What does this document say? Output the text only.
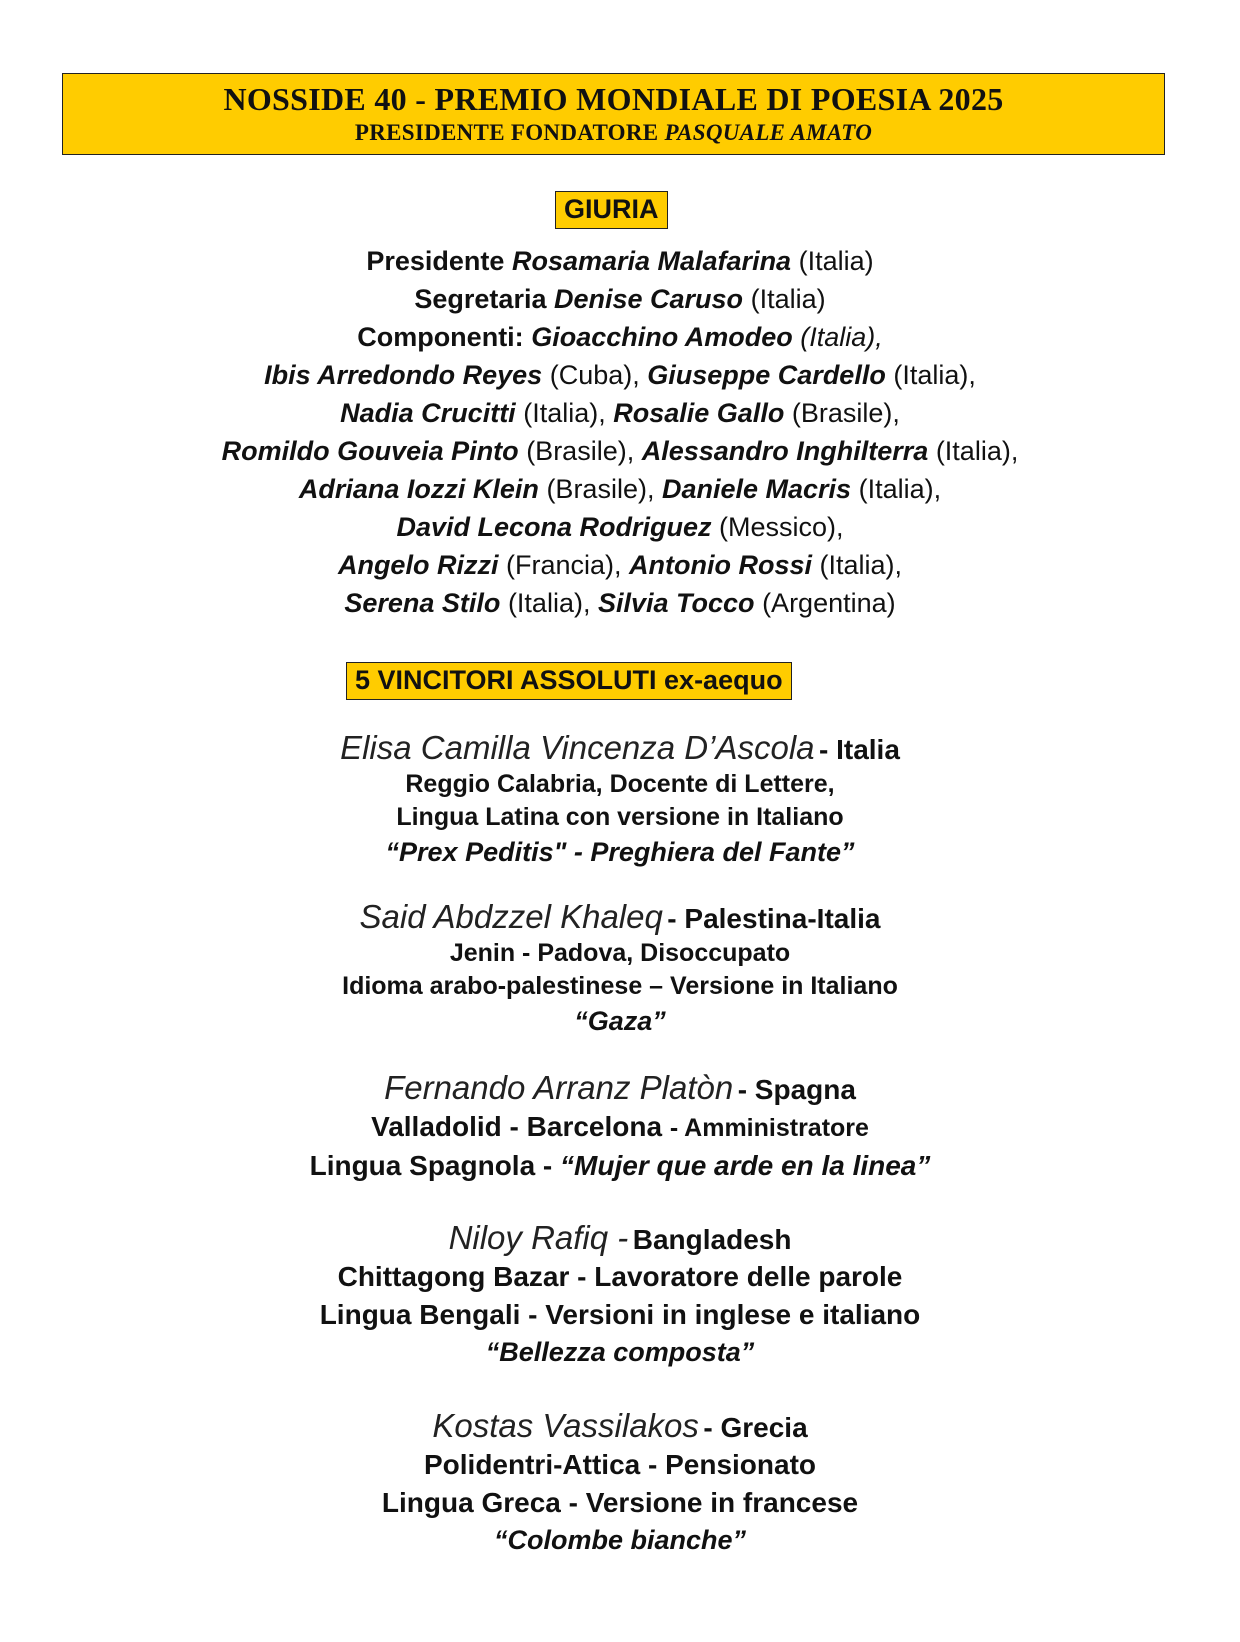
NOSSIDE 40 - PREMIO MONDIALE DI POESIA 2025
PRESIDENTE FONDATORE PASQUALE AMATO
GIURIA
Presidente Rosamaria Malafarina (Italia)
Segretaria Denise Caruso (Italia)
Componenti: Gioacchino Amodeo (Italia),
Ibis Arredondo Reyes (Cuba), Giuseppe Cardello (Italia),
Nadia Crucitti (Italia), Rosalie Gallo (Brasile),
Romildo Gouveia Pinto (Brasile), Alessandro Inghilterra (Italia),
Adriana Iozzi Klein (Brasile), Daniele Macris (Italia),
David Lecona Rodriguez (Messico),
Angelo Rizzi (Francia), Antonio Rossi (Italia),
Serena Stilo (Italia), Silvia Tocco (Argentina)
5 VINCITORI ASSOLUTI ex-aequo
Elisa Camilla Vincenza D’Ascola - Italia
Reggio Calabria, Docente di Lettere,
Lingua Latina con versione in Italiano
“Prex Peditis" - Preghiera del Fante”
Said Abdzzel Khaleq - Palestina-Italia
Jenin - Padova, Disoccupato
Idioma arabo-palestinese – Versione in Italiano
“Gaza”
Fernando Arranz Platòn - Spagna
Valladolid - Barcelona - Amministratore
Lingua Spagnola - “Mujer que arde en la linea”
Niloy Rafiq - Bangladesh
Chittagong Bazar - Lavoratore delle parole
Lingua Bengali - Versioni in inglese e italiano
“Bellezza composta”
Kostas Vassilakos - Grecia
Polidentri-Attica - Pensionato
Lingua Greca - Versione in francese
“Colombe bianche”
